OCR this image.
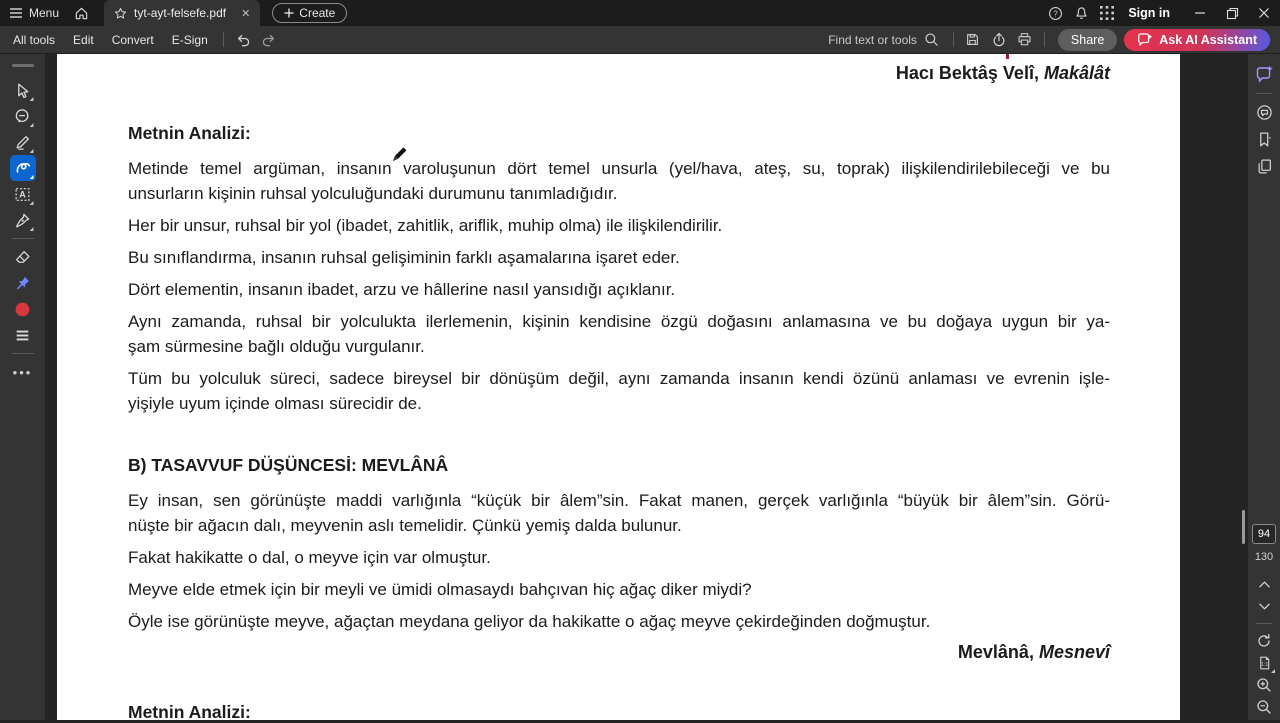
Menu	tyt-ayt-felsefe.pdf ✕	Create	?	Sign in
All tools	Edit	Convert	E-Sign	Find text or tools	Share	Ask AI Assistant
A
•••
Hacı Bektâş Velî, Makâlât
Metnin Analizi:
Metinde temel argüman, insanın varoluşunun dört temel unsurla (yel/hava, ateş, su, toprak) ilişkilendirilebileceği ve bu
unsurların kişinin ruhsal yolculuğundaki durumunu tanımladığıdır.
Her bir unsur, ruhsal bir yol (ibadet, zahitlik, ariflik, muhip olma) ile ilişkilendirilir.
Bu sınıflandırma, insanın ruhsal gelişiminin farklı aşamalarına işaret eder.
Dört elementin, insanın ibadet, arzu ve hâllerine nasıl yansıdığı açıklanır.
Aynı zamanda, ruhsal bir yolculukta ilerlemenin, kişinin kendisine özgü doğasını anlamasına ve bu doğaya uygun bir ya-
şam sürmesine bağlı olduğu vurgulanır.
Tüm bu yolculuk süreci, sadece bireysel bir dönüşüm değil, aynı zamanda insanın kendi özünü anlaması ve evrenin işle-
yişiyle uyum içinde olması sürecidir de.
B) TASAVVUF DÜŞÜNCESİ: MEVLÂNÂ
Ey insan, sen görünüşte maddi varlığınla “küçük bir âlem”sin. Fakat manen, gerçek varlığınla “büyük bir âlem”sin. Görü-
nüşte bir ağacın dalı, meyvenin aslı temelidir. Çünkü yemiş dalda bulunur.
Fakat hakikatte o dal, o meyve için var olmuştur.
Meyve elde etmek için bir meyli ve ümidi olmasaydı bahçıvan hiç ağaç diker miydi?
Öyle ise görünüşte meyve, ağaçtan meydana geliyor da hakikatte o ağaç meyve çekirdeğinden doğmuştur.
Mevlânâ, Mesnevî
Metnin Analizi:
94
130
1:1
